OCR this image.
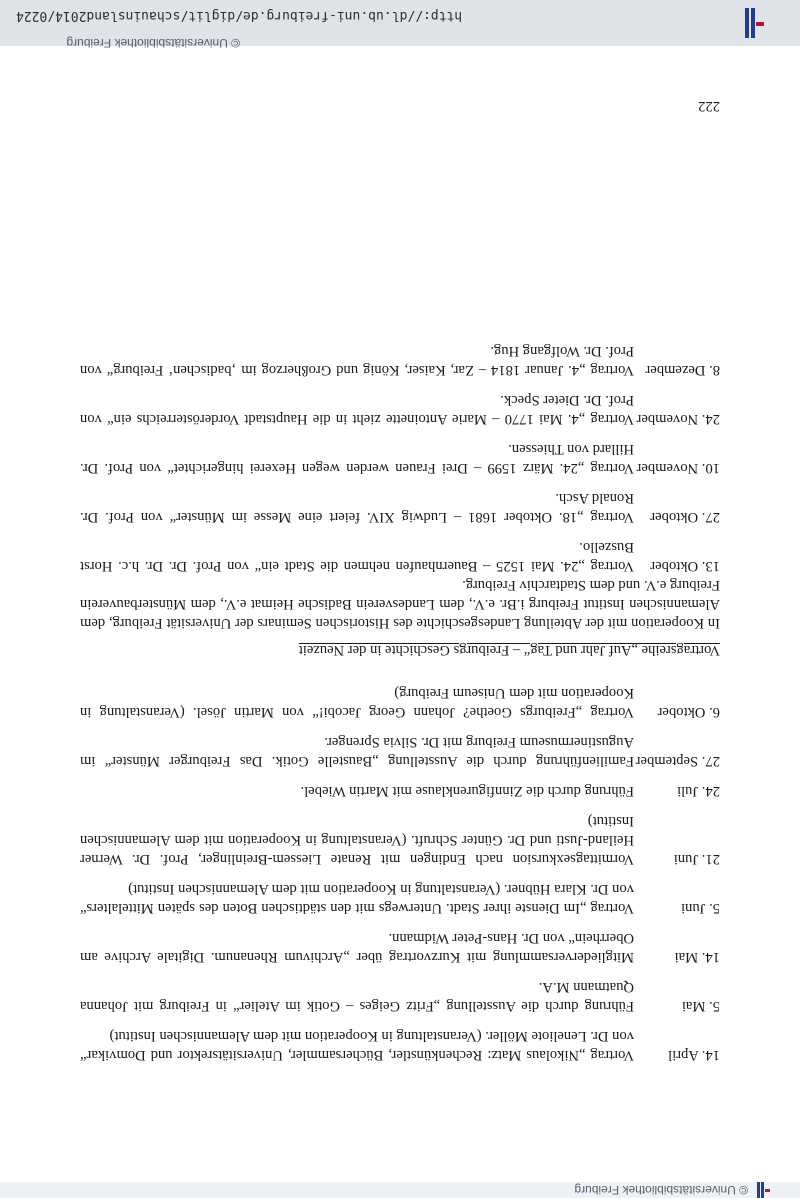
© Universitätsbibliothek Freiburg
14. April
Vortrag „Nikolaus Matz: Rechenkünstler, Büchersammler, Universitätsrektor und Domvikar“ von Dr. Leneliote Möller. (Veranstaltung in Kooperation mit dem Alemannischen Institut)
5. Mai
Führung durch die Ausstellung „Fritz Geiges – Gotik im Atelier“ in Freiburg mit Johanna Quatmann M.A.
14. Mai
Mitgliederversammlung mit Kurzvortrag über „Archivum Rhenanum. Digitale Archive am Oberrhein“ von Dr. Hans-Peter Widmann.
5. Juni
Vortrag „Im Dienste ihrer Stadt. Unterwegs mit den städtischen Boten des späten Mittelalters“ von Dr. Klara Hübner. (Veranstaltung in Kooperation mit dem Alemannischen Institut)
21. Juni
Vormittagsexkursion nach Endingen mit Renate Liessem-Breinlinger, Prof. Dr. Werner Heiland-Justi und Dr. Günter Schruft. (Veranstaltung in Kooperation mit dem Alemannischen Institut)
24. Juli
Führung durch die Zinnfigurenklause mit Martin Wiebel.
27. September
Familienführung durch die Ausstellung „Baustelle Gotik. Das Freiburger Münster“ im Augustinermuseum Freiburg mit Dr. Silvia Sprenger.
6. Oktober
Vortrag „Freiburgs Goethe? Johann Georg Jacobi!“ von Martin Jösel. (Veranstaltung in Kooperation mit dem Uniseum Freiburg)
Vortragsreihe „Auf Jahr und Tag“ – Freiburgs Geschichte in der Neuzeit
In Kooperation mit der Abteilung Landesgeschichte des Historischen Seminars der Universität Freiburg, dem Alemannischen Institut Freiburg i.Br. e.V., dem Landesverein Badische Heimat e.V., dem Münsterbauverein Freiburg e.V. und dem Stadtarchiv Freiburg.
13. Oktober
Vortrag „24. Mai 1525 – Bauernhaufen nehmen die Stadt ein“ von Prof. Dr. Dr. h.c. Horst Buszello.
27. Oktober
Vortrag „18. Oktober 1681 – Ludwig XIV. feiert eine Messe im Münster“ von Prof. Dr. Ronald Asch.
10. November
Vortrag „24. März 1599 – Drei Frauen werden wegen Hexerei hingerichtet“ von Prof. Dr. Hillard von Thiessen.
24. November
Vortrag „4. Mai 1770 – Marie Antoinette zieht in die Hauptstadt Vorderösterreichs ein“ von Prof. Dr. Dieter Speck.
8. Dezember
Vortrag „4. Januar 1814 – Zar, Kaiser, König und Großherzog im ‚badischen‘ Freiburg“ von Prof. Dr. Wolfgang Hug.
222
© Universitätsbibliothek Freiburg
http://dl.ub.uni-freiburg.de/diglit/schauinsland2014/0224
